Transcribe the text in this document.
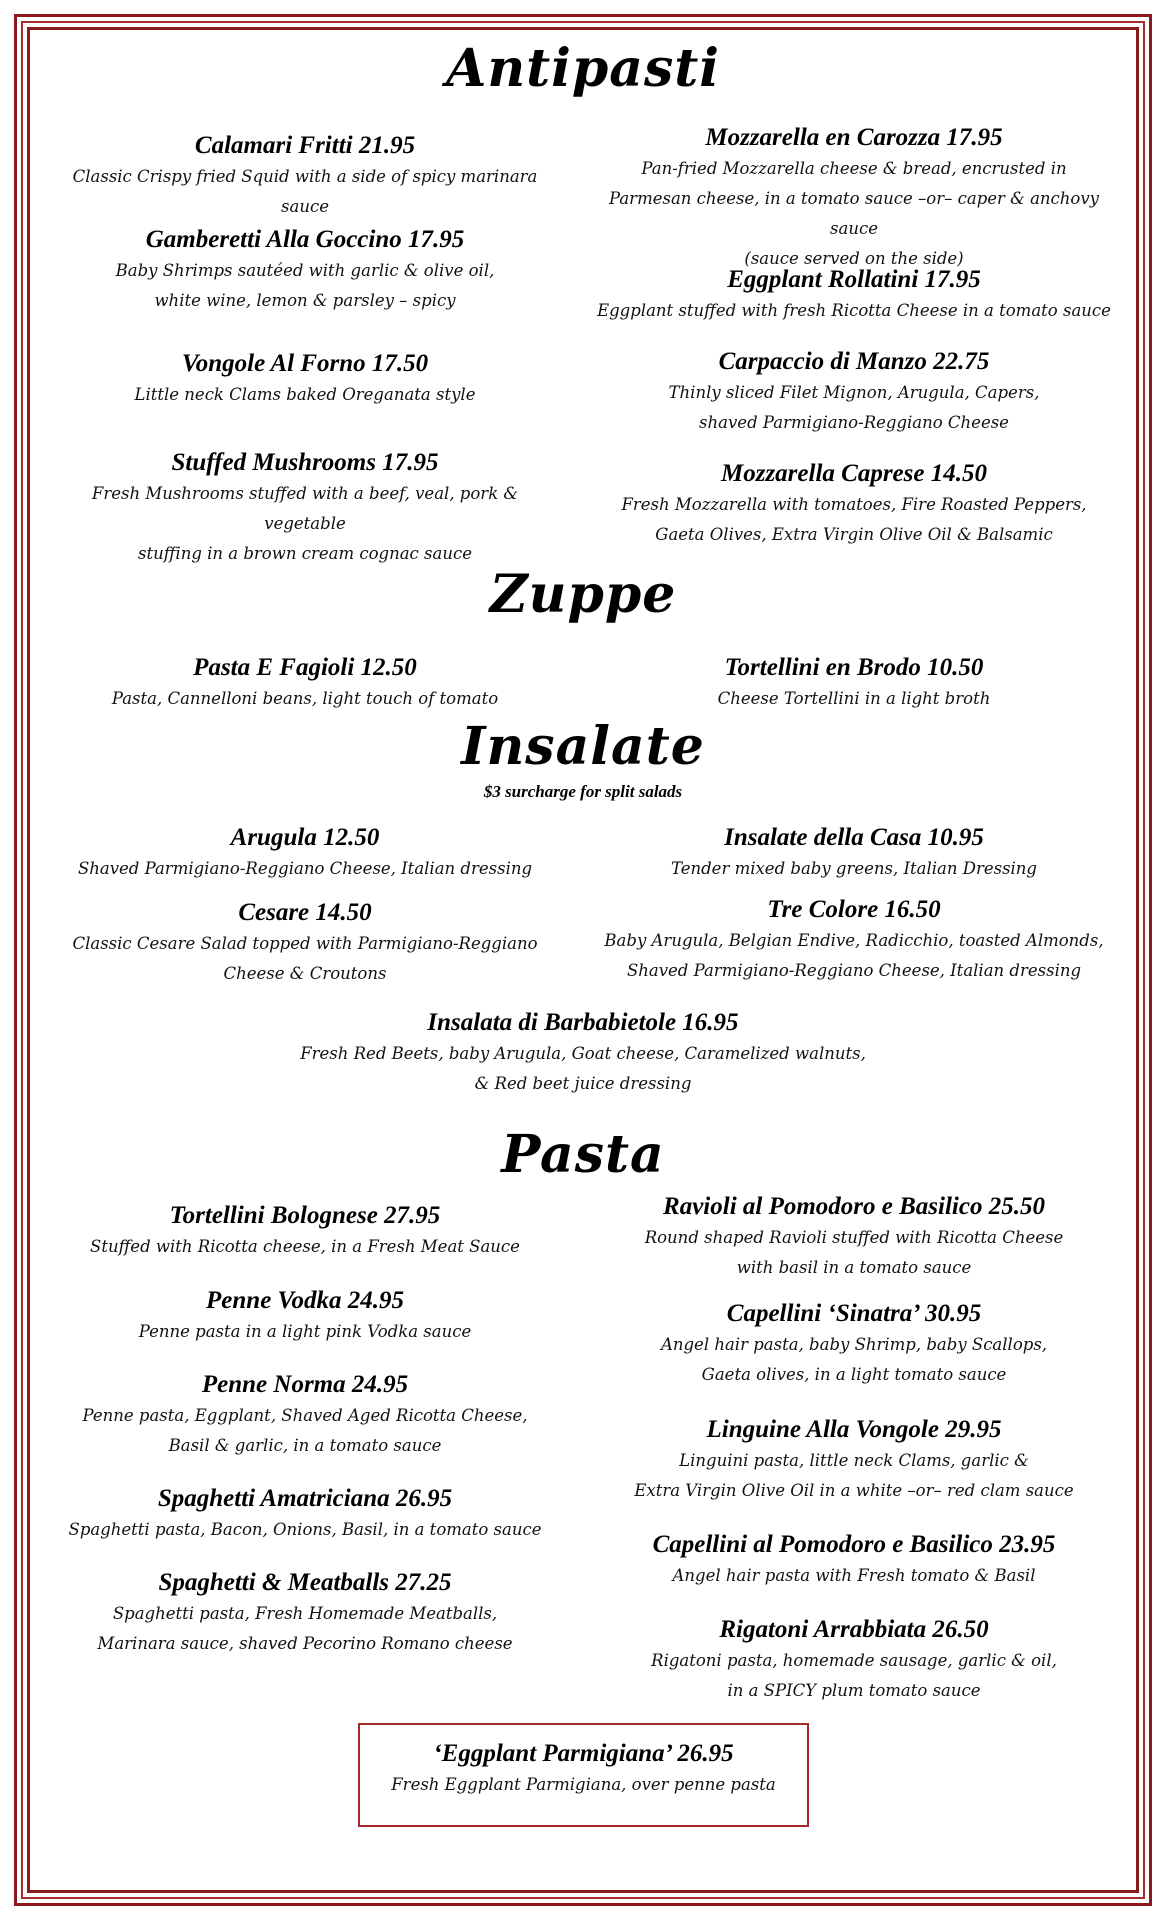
Antipasti
Calamari Fritti 21.95
Classic Crispy fried Squid with a side of spicy marinara sauce
Gamberetti Alla Goccino 17.95
Baby Shrimps sautéed with garlic & olive oil,
white wine, lemon & parsley – spicy
Vongole Al Forno 17.50
Little neck Clams baked Oreganata style
Stuffed Mushrooms 17.95
Fresh Mushrooms stuffed with a beef, veal, pork & vegetable
stuffing in a brown cream cognac sauce
Mozzarella en Carozza 17.95
Pan-fried Mozzarella cheese & bread, encrusted in
Parmesan cheese, in a tomato sauce –or– caper & anchovy sauce
(sauce served on the side)
Eggplant Rollatini 17.95
Eggplant stuffed with fresh Ricotta Cheese in a tomato sauce
Carpaccio di Manzo 22.75
Thinly sliced Filet Mignon, Arugula, Capers,
shaved Parmigiano-Reggiano Cheese
Mozzarella Caprese 14.50
Fresh Mozzarella with tomatoes, Fire Roasted Peppers,
Gaeta Olives, Extra Virgin Olive Oil & Balsamic
Zuppe
Pasta E Fagioli 12.50
Pasta, Cannelloni beans, light touch of tomato
Tortellini en Brodo 10.50
Cheese Tortellini in a light broth
Insalate
$3 surcharge for split salads
Arugula 12.50
Shaved Parmigiano-Reggiano Cheese, Italian dressing
Cesare 14.50
Classic Cesare Salad topped with Parmigiano-Reggiano
Cheese & Croutons
Insalate della Casa 10.95
Tender mixed baby greens, Italian Dressing
Tre Colore 16.50
Baby Arugula, Belgian Endive, Radicchio, toasted Almonds,
Shaved Parmigiano-Reggiano Cheese, Italian dressing
Insalata di Barbabietole 16.95
Fresh Red Beets, baby Arugula, Goat cheese, Caramelized walnuts,
& Red beet juice dressing
Pasta
Tortellini Bolognese 27.95
Stuffed with Ricotta cheese, in a Fresh Meat Sauce
Penne Vodka 24.95
Penne pasta in a light pink Vodka sauce
Penne Norma 24.95
Penne pasta, Eggplant, Shaved Aged Ricotta Cheese,
Basil & garlic, in a tomato sauce
Spaghetti Amatriciana 26.95
Spaghetti pasta, Bacon, Onions, Basil, in a tomato sauce
Spaghetti & Meatballs 27.25
Spaghetti pasta, Fresh Homemade Meatballs,
Marinara sauce, shaved Pecorino Romano cheese
Ravioli al Pomodoro e Basilico 25.50
Round shaped Ravioli stuffed with Ricotta Cheese
with basil in a tomato sauce
Capellini ‘Sinatra’ 30.95
Angel hair pasta, baby Shrimp, baby Scallops,
Gaeta olives, in a light tomato sauce
Linguine Alla Vongole 29.95
Linguini pasta, little neck Clams, garlic &
Extra Virgin Olive Oil in a white –or– red clam sauce
Capellini al Pomodoro e Basilico 23.95
Angel hair pasta with Fresh tomato & Basil
Rigatoni Arrabbiata 26.50
Rigatoni pasta, homemade sausage, garlic & oil,
in a SPICY plum tomato sauce
‘Eggplant Parmigiana’ 26.95
Fresh Eggplant Parmigiana, over penne pasta
